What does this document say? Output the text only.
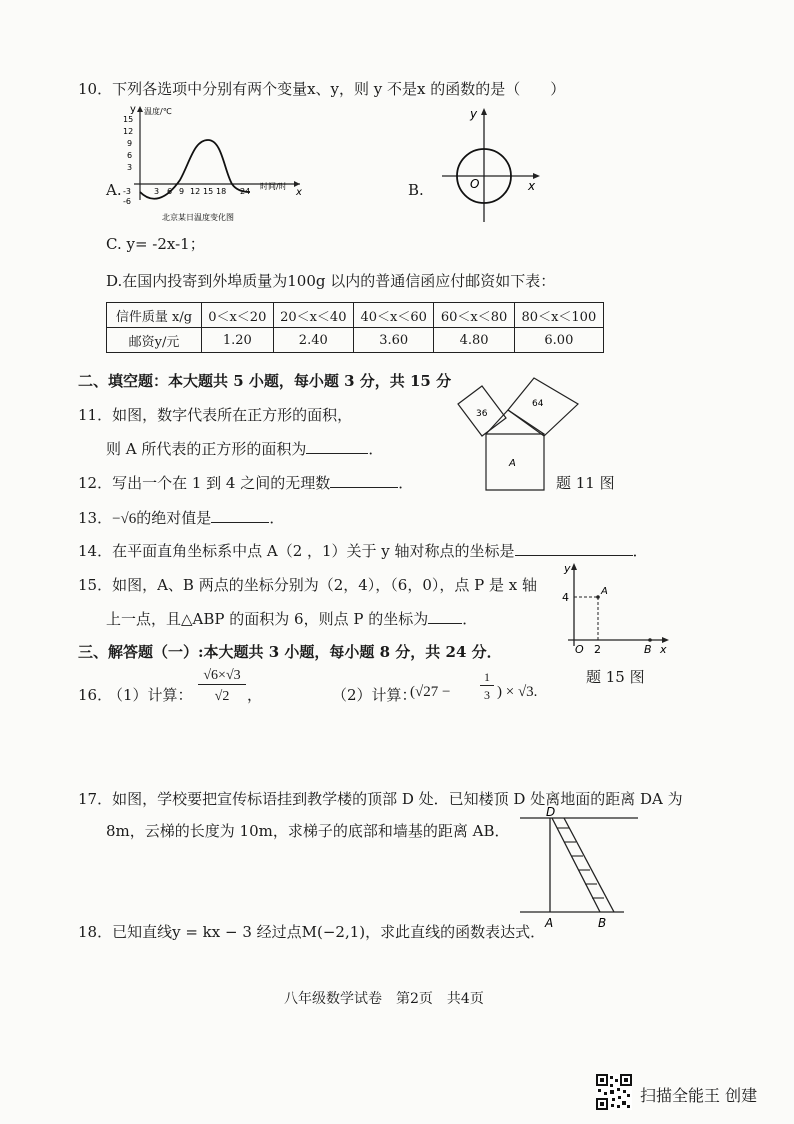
10．下列各选项中分别有两个变量x、y，则 y 不是x 的函数的是（　　）
A.
y 温度/℃
时间/时
x
15
12
9
6
3
-3
-6
3 6 9 12 15 18 24
北京某日温度变化图
B.
y
x
O
C. y= -2x-1；
D.在国内投寄到外埠质量为100g 以内的普通信函应付邮资如下表：
信件质量 x/g	0＜x＜20	20＜x＜40	40＜x＜60	60＜x＜80	80＜x＜100
邮资y/元	1.20	2.40	3.60	4.80	6.00
二、填空题：本大题共 5 小题，每小题 3 分，共 15 分
11．如图，数字代表所在正方形的面积，
则 A 所代表的正方形的面积为	．
36
64
A
题 11 图
12．写出一个在 1 到 4 之间的无理数	．
13．−√6的绝对值是	．
14．在平面直角坐标系中点 A（2 ，1）关于 y 轴对称点的坐标是	．
15．如图，A、B 两点的坐标分别为（2，4），（6，0），点 P 是 x 轴
上一点，且△ABP 的面积为 6，则点 P 的坐标为 ．
y
4	A
O 2	B x
题 15 图
三、解答题（一）:本大题共 3 小题，每小题 8 分，共 24 分．
16．
（1）计算：
√6×√3
√2	，	（2）计算：
(√27 −
1
3 ) × √3.
17．如图，学校要把宣传标语挂到教学楼的顶部 D 处．已知楼顶 D 处离地面的距离 DA 为
8m，云梯的长度为 10m，求梯子的底部和墙基的距离 AB．
D
A	B
18．已知直线y = kx − 3 经过点M(−2,1)，求此直线的函数表达式．
八年级数学试卷　第2页　共4页
扫描全能王 创建
